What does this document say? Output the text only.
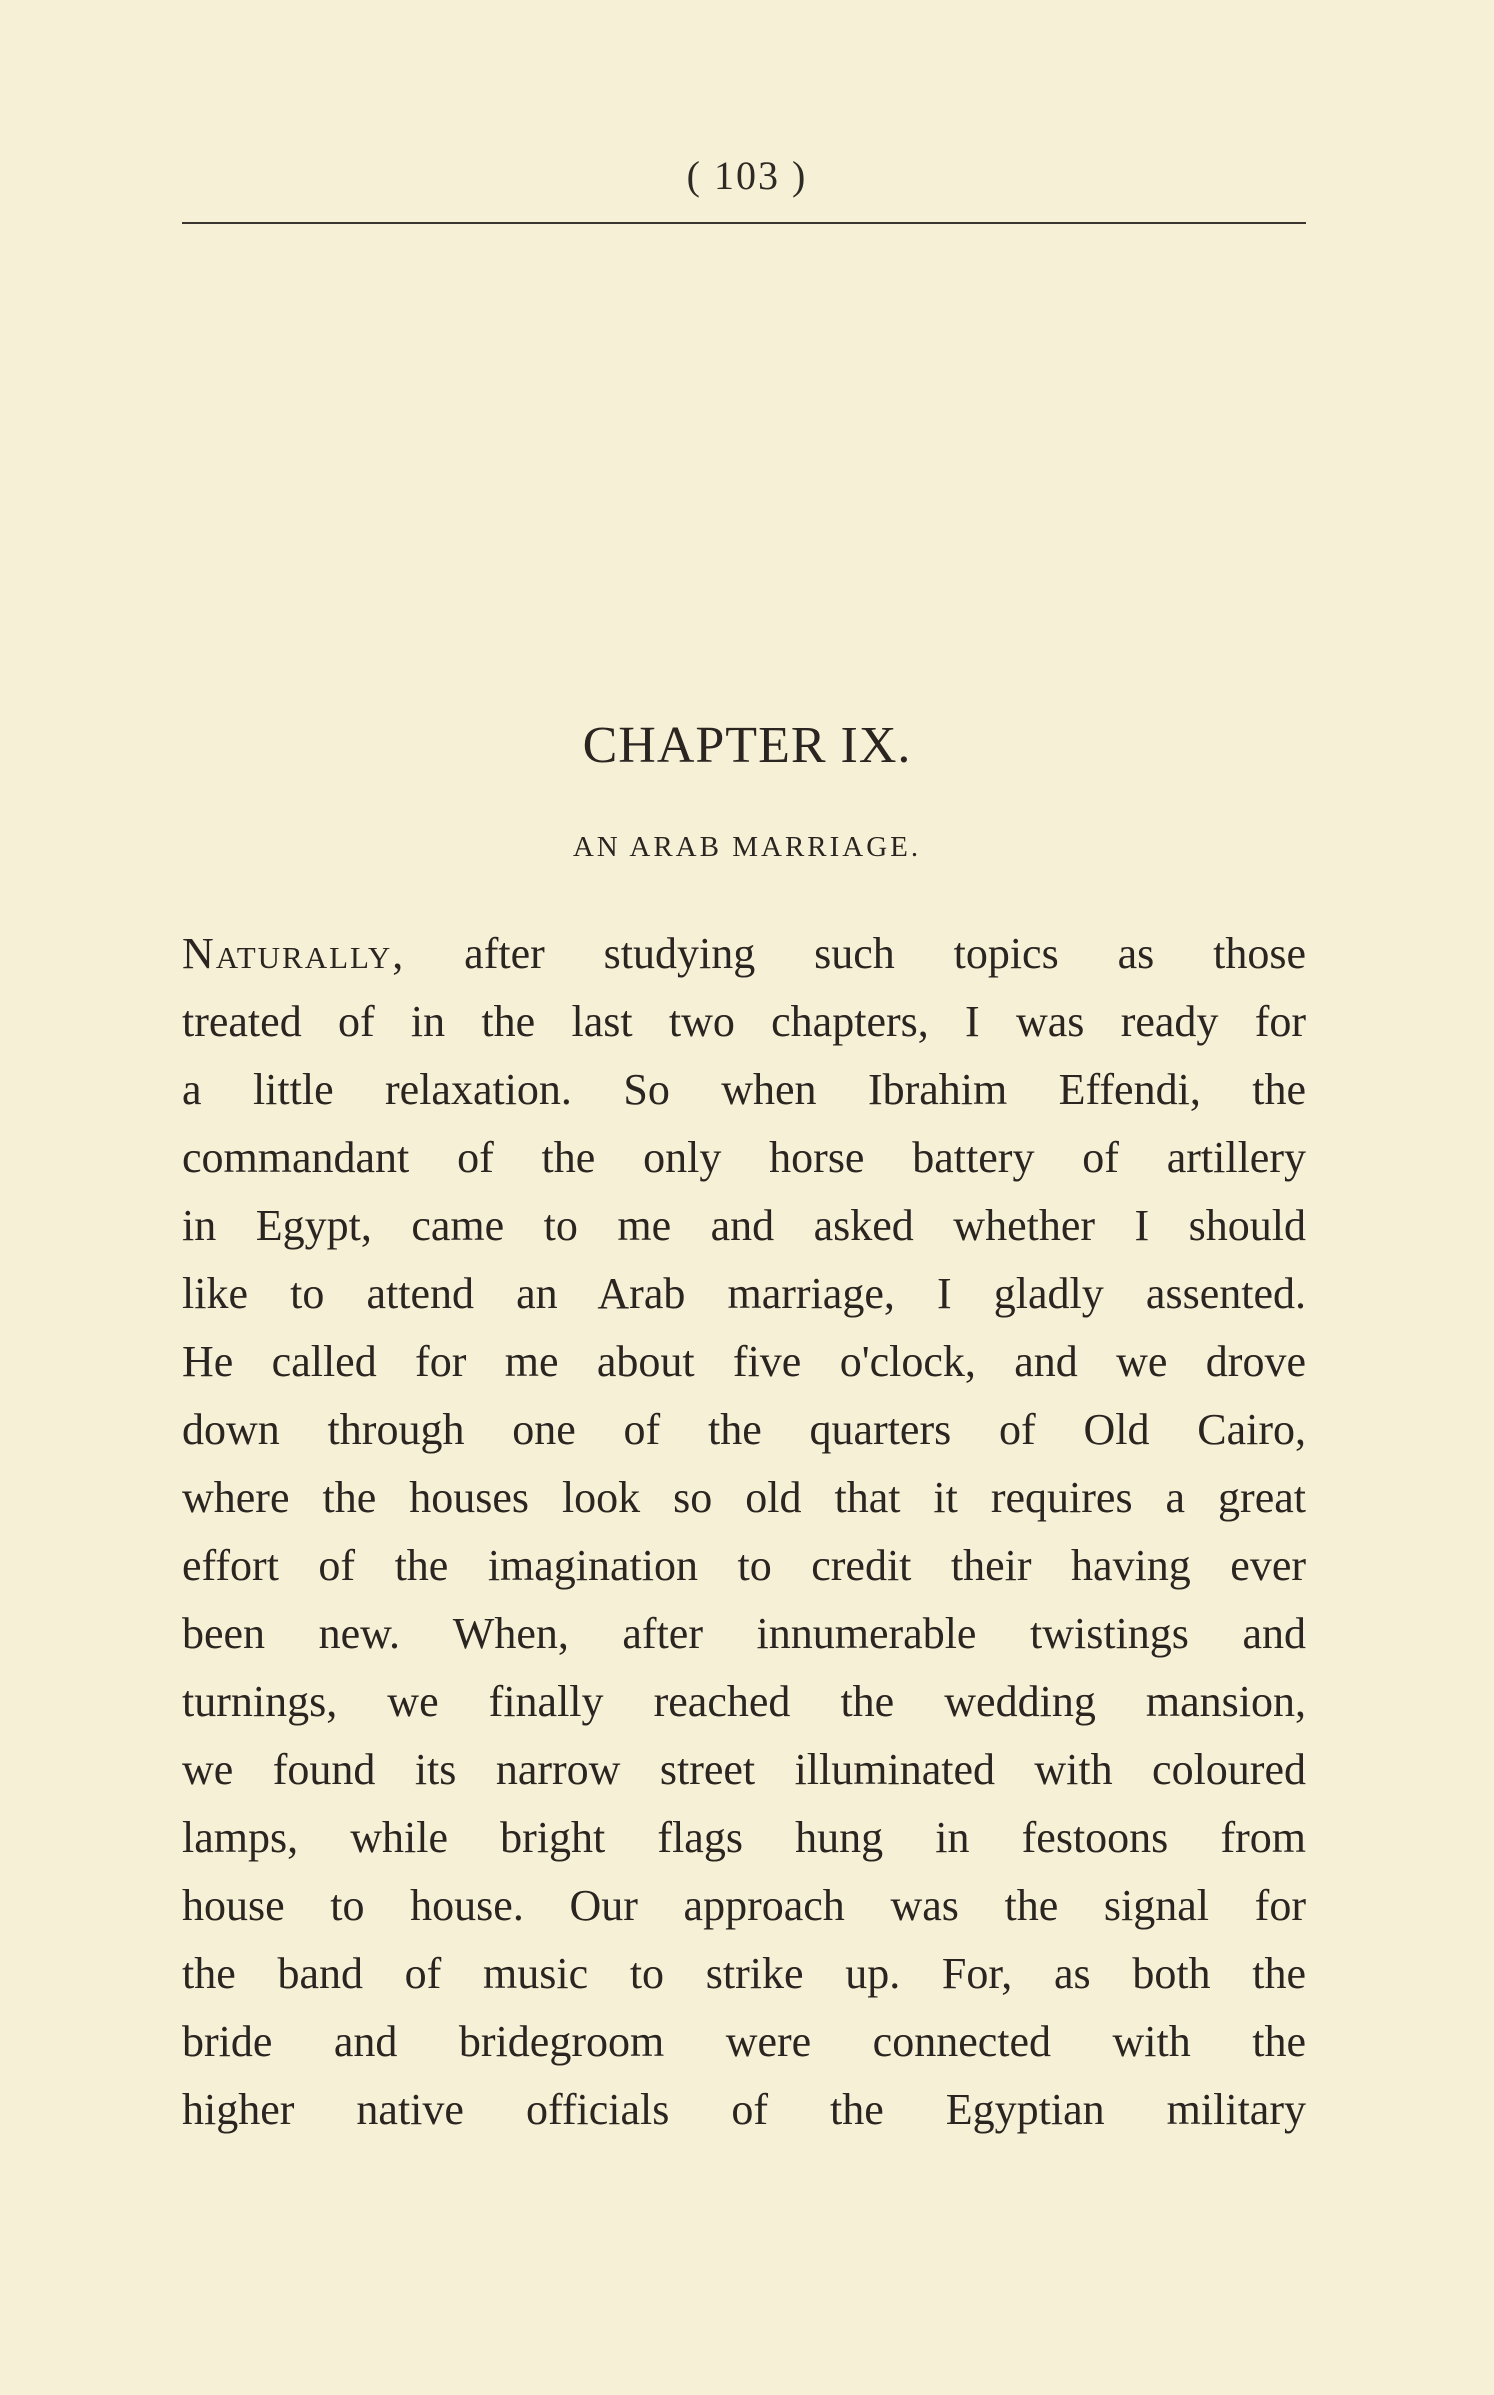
( 103 )
CHAPTER IX.
AN ARAB MARRIAGE.
Naturally, after studying such topics as those
treated of in the last two chapters, I was ready for
a little relaxation. So when Ibrahim Effendi, the
commandant of the only horse battery of artillery
in Egypt, came to me and asked whether I should
like to attend an Arab marriage, I gladly assented.
He called for me about five o'clock, and we drove
down through one of the quarters of Old Cairo,
where the houses look so old that it requires a great
effort of the imagination to credit their having ever
been new. When, after innumerable twistings and
turnings, we finally reached the wedding mansion,
we found its narrow street illuminated with coloured
lamps, while bright flags hung in festoons from
house to house. Our approach was the signal for
the band of music to strike up. For, as both the
bride and bridegroom were connected with the
higher native officials of the Egyptian military
